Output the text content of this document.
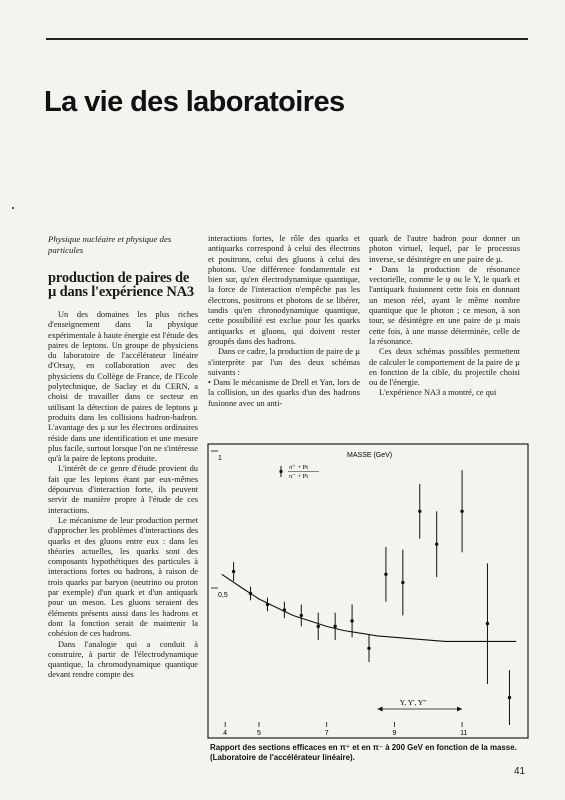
La vie des laboratoires

Physique nucléaire et physique des particules

production de paires de µ dans l'expérience NA3

Un des domaines les plus riches d'enseignement dans la physique expérimentale à haute énergie est l'étude des paires de leptons. Un groupe de physiciens du laboratoire de l'accélérateur linéaire d'Orsay, en collaboration avec des physiciens du Collège de France, de l'Ecole polytechnique, de Saclay et du CERN, a choisi de travailler dans ce secteur en utilisant la détection de paires de leptons µ produits dans les collisions hadron-hadron. L'avantage des µ sur les électrons ordinaires réside dans une identification et une mesure plus facile, surtout lorsque l'on ne s'intéresse qu'à la paire de leptons produite.

L'intérêt de ce genre d'étude provient du fait que les leptons étant par eux-mêmes dépourvus d'interaction forte, ils peuvent servir de manière propre à l'étude de ces interactions.

Le mécanisme de leur production permet d'approcher les problèmes d'interactions des quarks et des gluons entre eux : dans les théories actuelles, les quarks sont des composants hypothétiques des particules à interactions fortes ou hadrons, à raison de trois quarks par baryon (neutrino ou proton par exemple) d'un quark et d'un antiquark pour un meson. Les gluons seraient des éléments présents aussi dans les hadrons et dont la fonction serait de maintenir la cohésion de ces hadrons.

Dans l'analogie qui a conduit à construire, à partir de l'électrodynamique quantique, la chromodynamique quantique devant rendre compte des

interactions fortes, le rôle des quarks et antiquarks correspond à celui des électrons et positrons, celui des gluons à celui des photons. Une différence fondamentale est bien sur, qu'en électrodynamique quantique, la force de l'interaction n'empêche pas les électrons, positrons et photons de se libérer, tandis qu'en chronodynamique quantique, cette possibilité est exclue pour les quarks antiquarks et gluons, qui doivent rester groupés dans des hadrons.

Dans ce cadre, la production de paire de µ s'interprète par l'un des deux schémas suivants :

• Dans le mécanisme de Drell et Yan, lors de la collision, un des quarks d'un des hadrons fusionne avec un anti-

quark de l'autre hadron pour donner un photon virtuel, lequel, par le processus inverse, se désintègre en une paire de µ.

• Dans la production de résonance vectorielle, comme le ψ ou le Υ, le quark et l'antiquark fusionnent cette fois en donnant un meson réel, ayant le même nombre quantique que le photon ; ce meson, à son tour, se désintègre en une paire de µ mais cette fois, à une masse déterminée, celle de la résonance.

Ces deux schémas possibles permettent de calculer le comportement de la paire de µ en fonction de la cible, du projectile choisi ou de l'énergie.

L'expérience NA3 a montré, ce qui

MASSE (GeV)
π⁺ + Pt
π⁻ + Pt
4	5	7	9	11
1
0,5
Υ, Υ', Υ''
Rapport des sections efficaces en π⁺ et en π⁻ à 200 GeV en fonction de la masse.
(Laboratoire de l'accélérateur linéaire).
41
